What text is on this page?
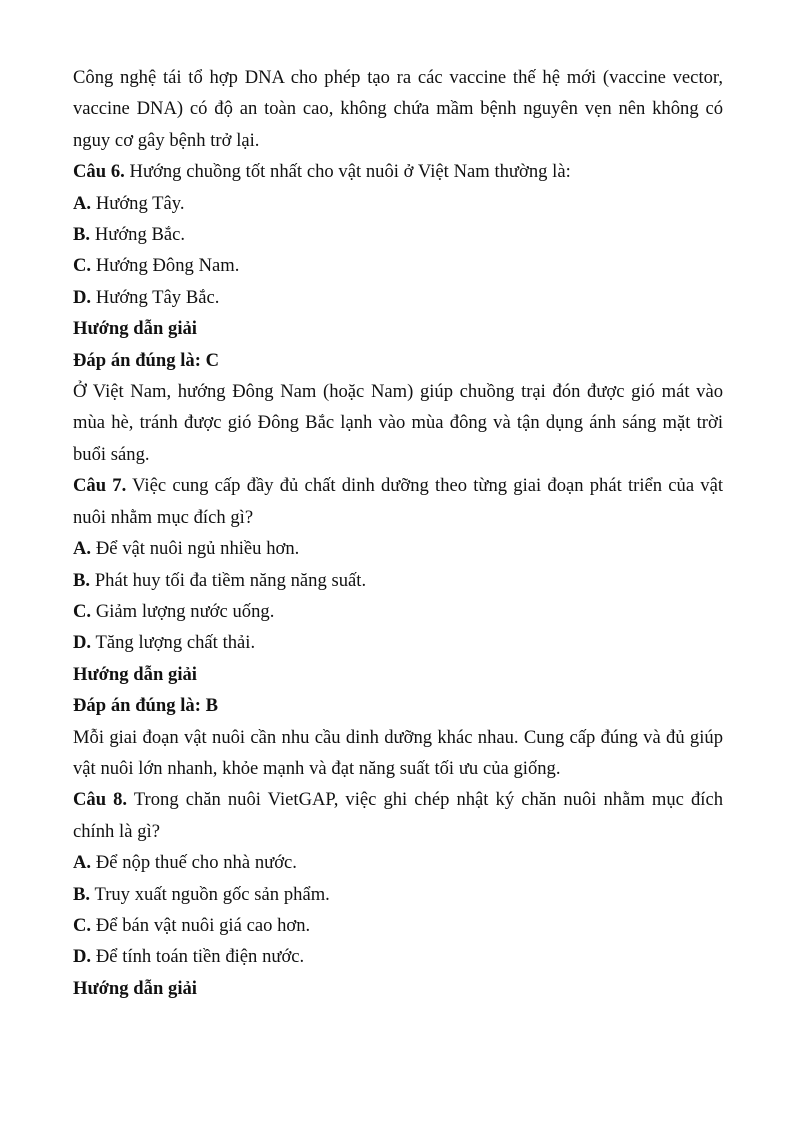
Công nghệ tái tổ hợp DNA cho phép tạo ra các vaccine thế hệ mới (vaccine vector, vaccine DNA) có độ an toàn cao, không chứa mầm bệnh nguyên vẹn nên không có nguy cơ gây bệnh trở lại.

Câu 6. Hướng chuồng tốt nhất cho vật nuôi ở Việt Nam thường là:

A. Hướng Tây.

B. Hướng Bắc.

C. Hướng Đông Nam.

D. Hướng Tây Bắc.

Hướng dẫn giải

Đáp án đúng là: C

Ở Việt Nam, hướng Đông Nam (hoặc Nam) giúp chuồng trại đón được gió mát vào mùa hè, tránh được gió Đông Bắc lạnh vào mùa đông và tận dụng ánh sáng mặt trời buổi sáng.

Câu 7. Việc cung cấp đầy đủ chất dinh dưỡng theo từng giai đoạn phát triển của vật nuôi nhằm mục đích gì?

A. Để vật nuôi ngủ nhiều hơn.

B. Phát huy tối đa tiềm năng năng suất.

C. Giảm lượng nước uống.

D. Tăng lượng chất thải.

Hướng dẫn giải

Đáp án đúng là: B

Mỗi giai đoạn vật nuôi cần nhu cầu dinh dưỡng khác nhau. Cung cấp đúng và đủ giúp vật nuôi lớn nhanh, khỏe mạnh và đạt năng suất tối ưu của giống.

Câu 8. Trong chăn nuôi VietGAP, việc ghi chép nhật ký chăn nuôi nhằm mục đích chính là gì?

A. Để nộp thuế cho nhà nước.

B. Truy xuất nguồn gốc sản phẩm.

C. Để bán vật nuôi giá cao hơn.

D. Để tính toán tiền điện nước.

Hướng dẫn giải
